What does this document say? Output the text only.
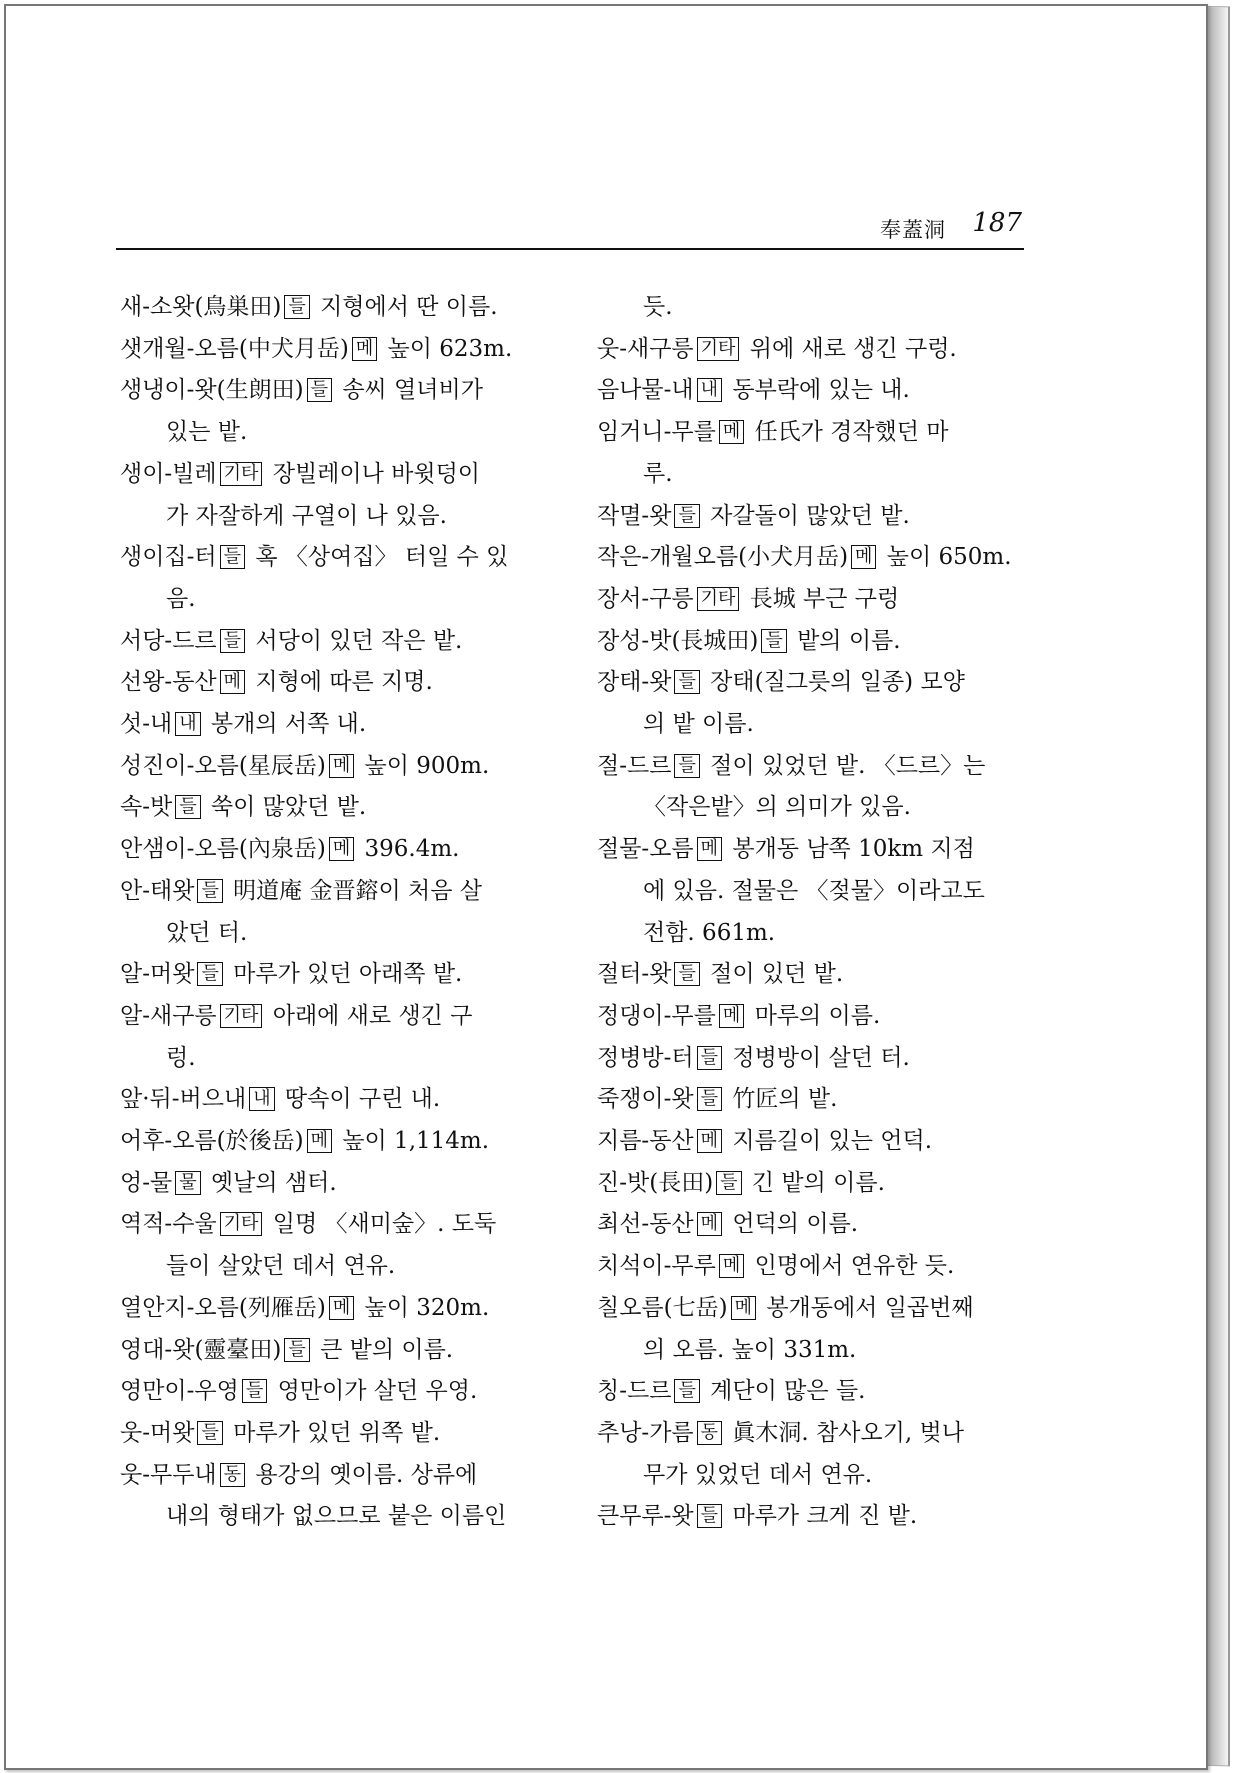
奉蓋洞 187
새-소왓(鳥巣田) 들 지형에서 딴 이름.
샛개월-오름(中犬月岳) 메 높이 623m.
생냉이-왓(生朗田) 들 송씨 열녀비가
있는 밭.
생이-빌레 기타 장빌레이나 바윗덩이
가 자잘하게 구열이 나 있음.
생이집-터 들 혹 〈상여집〉 터일 수 있
음.
서당-드르 들 서당이 있던 작은 밭.
선왕-동산 메 지형에 따른 지명.
섯-내 내 봉개의 서쪽 내.
성진이-오름(星辰岳) 메 높이 900m.
속-밧 들 쑥이 많았던 밭.
안샘이-오름(內泉岳) 메 396.4m.
안-태왓 들 明道庵 金晋鎔이 처음 살
았던 터.
알-머왓 들 마루가 있던 아래쪽 밭.
알-새구릉 기타 아래에 새로 생긴 구
렁.
앞·뒤-버으내 내 땅속이 구린 내.
어후-오름(於後岳) 메 높이 1,114m.
엉-물 물 옛날의 샘터.
역적-수울 기타 일명 〈새미숲〉. 도둑
들이 살았던 데서 연유.
열안지-오름(列雁岳) 메 높이 320m.
영대-왓(靈臺田) 들 큰 밭의 이름.
영만이-우영 들 영만이가 살던 우영.
웃-머왓 들 마루가 있던 위쪽 밭.
웃-무두내 동 용강의 옛이름. 상류에
내의 형태가 없으므로 붙은 이름인
듯.
웃-새구릉 기타 위에 새로 생긴 구렁.
음나물-내 내 동부락에 있는 내.
임거니-무를 메 任氏가 경작했던 마
루.
작멸-왓 들 자갈돌이 많았던 밭.
작은-개월오름(小犬月岳) 메 높이 650m.
장서-구릉 기타 長城 부근 구렁
장성-밧(長城田) 들 밭의 이름.
장태-왓 들 장태(질그릇의 일종) 모양
의 밭 이름.
절-드르 들 절이 있었던 밭. 〈드르〉는
〈작은밭〉의 의미가 있음.
절물-오름 메 봉개동 남쪽 10km 지점
에 있음. 절물은 〈젖물〉이라고도
전함. 661m.
절터-왓 들 절이 있던 밭.
정댕이-무를 메 마루의 이름.
정병방-터 들 정병방이 살던 터.
죽쟁이-왓 들 竹匠의 밭.
지름-동산 메 지름길이 있는 언덕.
진-밧(長田) 들 긴 밭의 이름.
최선-동산 메 언덕의 이름.
치석이-무루 메 인명에서 연유한 듯.
칠오름(七岳) 메 봉개동에서 일곱번째
의 오름. 높이 331m.
칭-드르 들 계단이 많은 들.
추낭-가름 동 眞木洞. 참사오기, 벚나
무가 있었던 데서 연유.
큰무루-왓 들 마루가 크게 진 밭.
